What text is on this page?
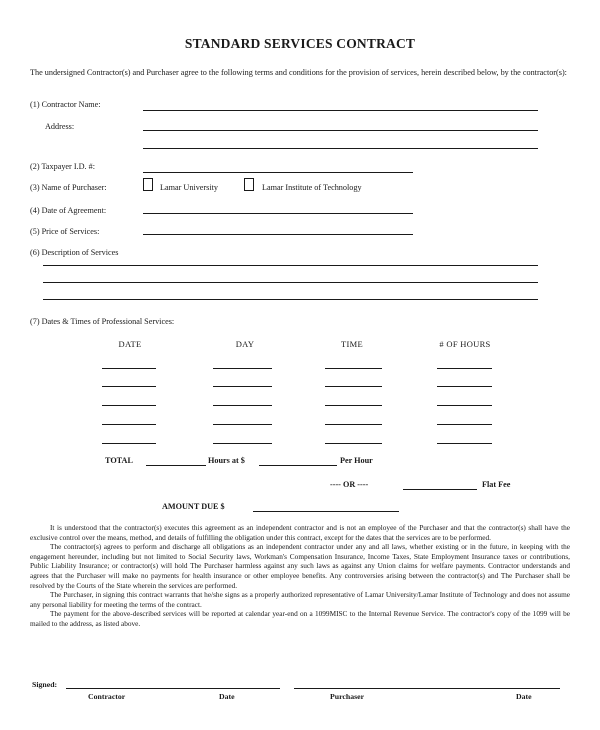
STANDARD SERVICES CONTRACT
The undersigned Contractor(s) and Purchaser agree to the following terms and conditions for the provision of services, herein described below, by the contractor(s):
(1) Contractor Name:
Address:
(2) Taxpayer I.D. #:
(3) Name of Purchaser:	Lamar University	Lamar Institute of Technology
(4) Date of Agreement:
(5) Price of Services:
(6) Description of Services
(7) Dates & Times of Professional Services:
DATE	DAY	TIME	# OF HOURS
TOTAL	Hours at $	Per Hour
---- OR ----	Flat Fee
AMOUNT DUE $

It is understood that the contractor(s) executes this agreement as an independent contractor and is not an employee of the Purchaser and that the contractor(s) shall have the exclusive control over the means, method, and details of fulfilling the obligation under this contract, except for the dates that the services are to be performed.

The contractor(s) agrees to perform and discharge all obligations as an independent contractor under any and all laws, whether existing or in the future, in keeping with the engagement hereunder, including but not limited to Social Security laws, Workman's Compensation Insurance, Income Taxes, State Employment Insurance taxes or contributions, Public Liability Insurance; or contractor(s) will hold The Purchaser harmless against any such laws as against any Union claims for welfare payments. Contractor understands and agrees that the Purchaser will make no payments for health insurance or other employee benefits. Any controversies arising between the contractor(s) and The Purchaser shall be resolved by the Courts of the State wherein the services are performed.

The Purchaser, in signing this contract warrants that he/she signs as a properly authorized representative of Lamar University/Lamar Institute of Technology and does not assume any personal liability for meeting the terms of the contract.

The payment for the above-described services will be reported at calendar year-end on a 1099MISC to the Internal Revenue Service. The contractor's copy of the 1099 will be mailed to the address, as listed above.

Signed:
Contractor	Date	Purchaser	Date
